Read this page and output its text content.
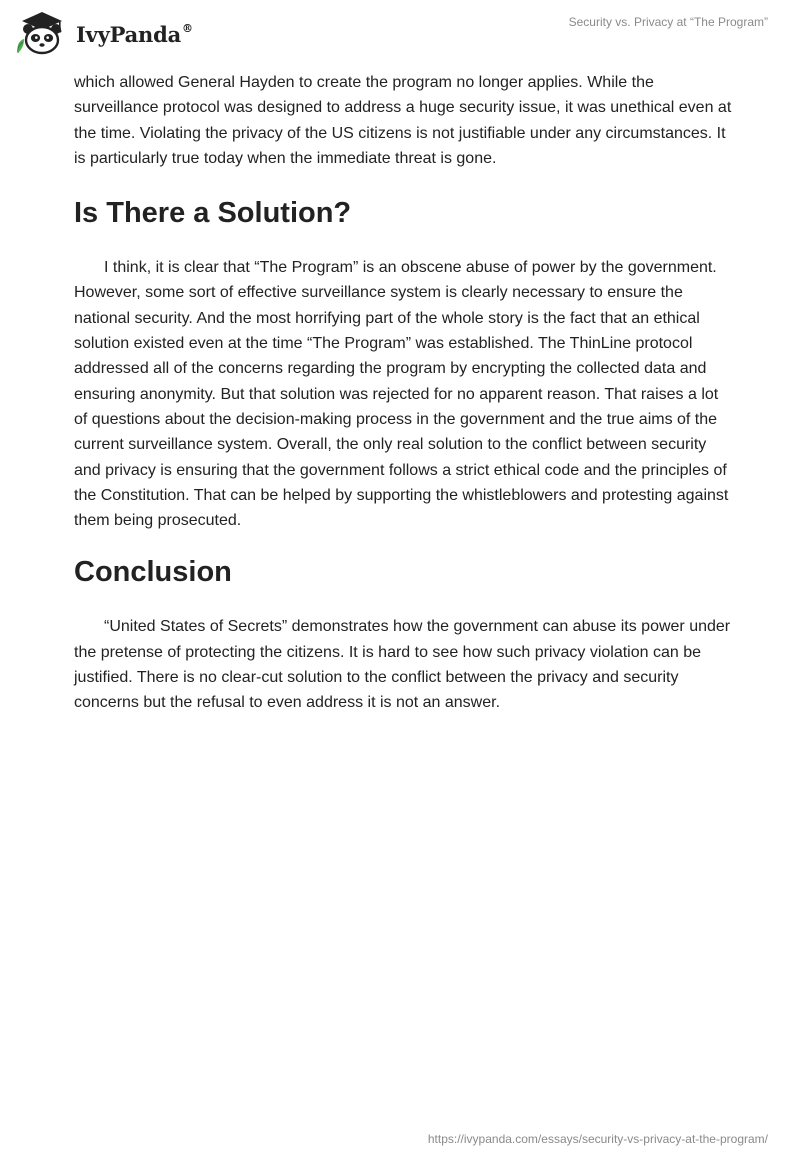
IvyPanda®	Security vs. Privacy at “The Program”

which allowed General Hayden to create the program no longer applies. While the surveillance protocol was designed to address a huge security issue, it was unethical even at the time. Violating the privacy of the US citizens is not justifiable under any circumstances. It is particularly true today when the immediate threat is gone.

Is There a Solution?

I think, it is clear that “The Program” is an obscene abuse of power by the government. However, some sort of effective surveillance system is clearly necessary to ensure the national security. And the most horrifying part of the whole story is the fact that an ethical solution existed even at the time “The Program” was established. The ThinLine protocol addressed all of the concerns regarding the program by encrypting the collected data and ensuring anonymity. But that solution was rejected for no apparent reason. That raises a lot of questions about the decision-making process in the government and the true aims of the current surveillance system. Overall, the only real solution to the conflict between security and privacy is ensuring that the government follows a strict ethical code and the principles of the Constitution. That can be helped by supporting the whistleblowers and protesting against them being prosecuted.

Conclusion

“United States of Secrets” demonstrates how the government can abuse its power under the pretense of protecting the citizens. It is hard to see how such privacy violation can be justified. There is no clear-cut solution to the conflict between the privacy and security concerns but the refusal to even address it is not an answer.

https://ivypanda.com/essays/security-vs-privacy-at-the-program/
